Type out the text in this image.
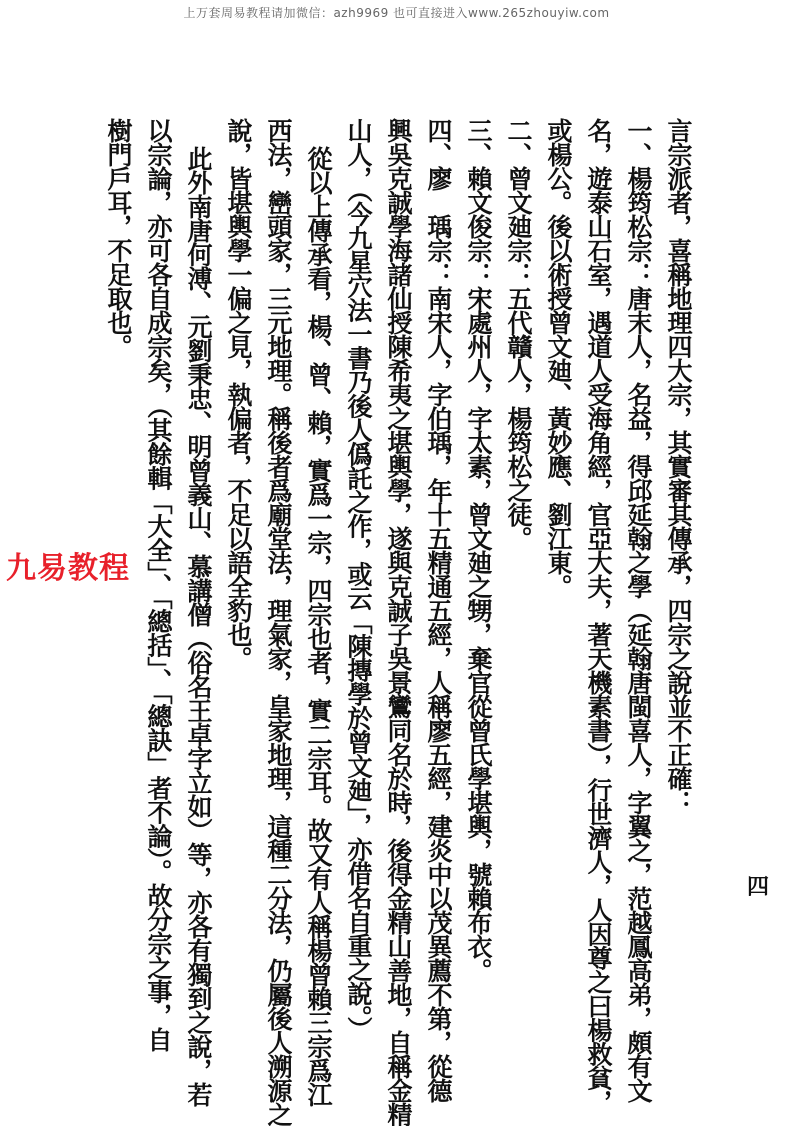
上万套周易教程请加微信：azh9969 也可直接进入www.265zhouyiw.com
言宗派者，喜稱地理四大宗，其實審其傳承，四宗之說並不正確：
一、楊筠松宗：唐末人，名益，得邱延翰之學（延翰唐閩喜人，字翼之，范越鳳高弟，頗有文
名，遊泰山石室，遇道人受海角經，官亞大夫，著天機素書），行世濟人，人因尊之曰楊救貧，
或楊公。後以術授曾文廸、黃妙應、劉江東。
二、曾文廸宗：五代贛人，楊筠松之徒。
三、賴文俊宗：宋處州人，字太素，曾文廸之甥，棄官從曾氏學堪輿，號賴布衣。
四、廖　瑀宗：南宋人，字伯瑀，年十五精通五經，人稱廖五經，建炎中以茂異薦不第，從德
興吳克誠學海諸仙授陳希夷之堪輿學，遂與克誠子吳景鸞同名於時，後得金精山善地，自稱金精
山人，（今九星穴法一書乃後人僞託之作，或云「陳摶學於曾文廸」，亦借名自重之說。）
從以上傳承看，楊、曾、賴，實爲一宗，四宗也者，實二宗耳。故又有人稱楊曾賴三宗爲江
西法，巒頭家，三元地理。稱後者爲廟堂法，理氣家，皇家地理，這種二分法，仍屬後人溯源之
說，皆堪輿學一偏之見，執偏者，不足以語全豹也。
此外南唐何溥、元劉秉忠、明曾義山、慕講僧（俗名王卓字立如）等，亦各有獨到之說，若
以宗論，亦可各自成宗矣，（其餘輯「大全」、「總括」、「總訣」者不論）。故分宗之事，自
樹門戶耳，不足取也。
四
九易教程
